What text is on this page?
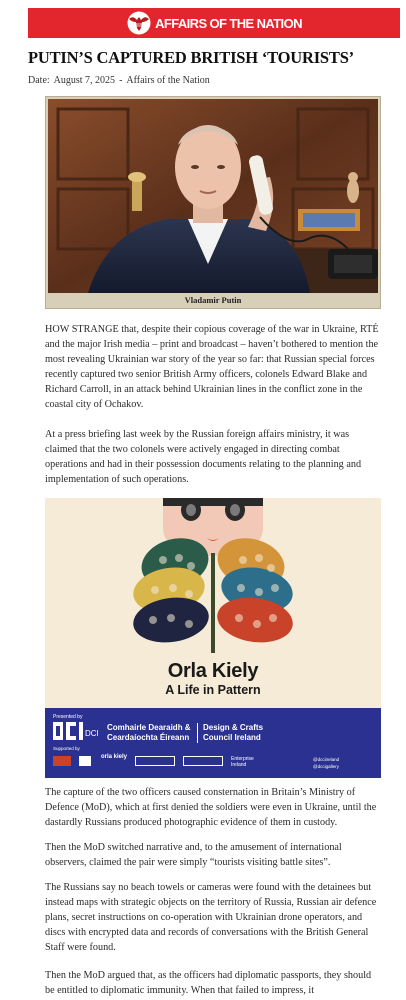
AFFAIRS OF THE NATION
PUTIN’S CAPTURED BRITISH ‘TOURISTS’
Date: August 7, 2025 - Affairs of the Nation
Vladamir Putin

HOW STRANGE that, despite their copious coverage of the war in Ukraine, RTÉ and the major Irish media – print and broadcast – haven’t bothered to mention the most revealing Ukrainian war story of the year so far: that Russian special forces recently captured two senior British Army officers, colonels Edward Blake and Richard Carroll, in an attack behind Ukrainian lines in the conflict zone in the coastal city of Ochakov.

At a press briefing last week by the Russian foreign affairs ministry, it was claimed that the two colonels were actively engaged in directing combat operations and had in their possession documents relating to the planning and implementation of such operations.

Orla Kiely
A Life in Pattern
Presented by
DCI
Comhairle Dearaidh &
Ceardaíochta Éireann
Design & Crafts
Council Ireland
Supported by
orla kiely	Enterprise
Ireland
@dcciireland
@dccigallery

The capture of the two officers caused consternation in Britain’s Ministry of Defence (MoD), which at first denied the soldiers were even in Ukraine, until the dastardly Russians produced photographic evidence of them in custody.

Then the MoD switched narrative and, to the amusement of international observers, claimed the pair were simply “tourists visiting battle sites”.

The Russians say no beach towels or cameras were found with the detainees but instead maps with strategic objects on the territory of Russia, Russian air defence plans, secret instructions on co-operation with Ukrainian drone operators, and discs with encrypted data and records of conversations with the British General Staff were found.

Then the MoD argued that, as the officers had diplomatic passports, they should be entitled to diplomatic immunity. When that failed to impress, it
